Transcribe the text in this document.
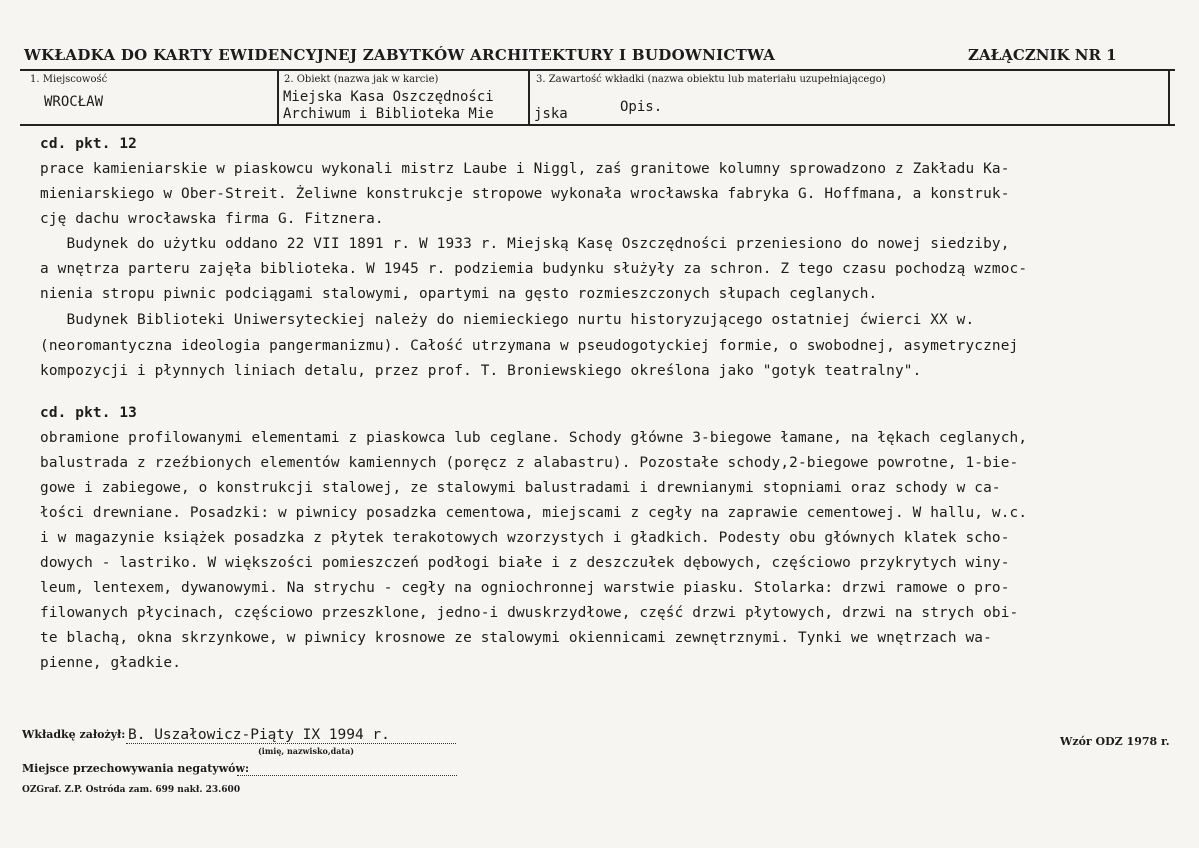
WKŁADKA DO KARTY EWIDENCYJNEJ ZABYTKÓW ARCHITEKTURY I BUDOWNICTWA	ZAŁĄCZNIK NR 1
1. Miejscowość
WROCŁAW
2. Obiekt (nazwa jak w karcie)
Miejska Kasa Oszczędności
Archiwum i Biblioteka Mie	jska
3. Zawartość wkładki (nazwa obiektu lub materiału uzupełniającego)
Opis.
cd. pkt. 12
prace kamieniarskie w piaskowcu wykonali mistrz Laube i Niggl, zaś granitowe kolumny sprowadzono z Zakładu Ka-
mieniarskiego w Ober-Streit. Żeliwne konstrukcje stropowe wykonała wrocławska fabryka G. Hoffmana, a konstruk-
cję dachu wrocławska firma G. Fitznera.
Budynek do użytku oddano 22 VII 1891 r. W 1933 r. Miejską Kasę Oszczędności przeniesiono do nowej siedziby,
a wnętrza parteru zajęła biblioteka. W 1945 r. podziemia budynku służyły za schron. Z tego czasu pochodzą wzmoc-
nienia stropu piwnic podciągami stalowymi, opartymi na gęsto rozmieszczonych słupach ceglanych.
Budynek Biblioteki Uniwersyteckiej należy do niemieckiego nurtu historyzującego ostatniej ćwierci XX w.
(neoromantyczna ideologia pangermanizmu). Całość utrzymana w pseudogotyckiej formie, o swobodnej, asymetrycznej
kompozycji i płynnych liniach detalu, przez prof. T. Broniewskiego określona jako "gotyk teatralny".
cd. pkt. 13
obramione profilowanymi elementami z piaskowca lub ceglane. Schody główne 3-biegowe łamane, na łękach ceglanych,
balustrada z rzeźbionych elementów kamiennych (poręcz z alabastru). Pozostałe schody,2-biegowe powrotne, 1-bie-
gowe i zabiegowe, o konstrukcji stalowej, ze stalowymi balustradami i drewnianymi stopniami oraz schody w ca-
łości drewniane. Posadzki: w piwnicy posadzka cementowa, miejscami z cegły na zaprawie cementowej. W hallu, w.c.
i w magazynie książek posadzka z płytek terakotowych wzorzystych i gładkich. Podesty obu głównych klatek scho-
dowych - lastriko. W większości pomieszczeń podłogi białe i z deszczułek dębowych, częściowo przykrytych winy-
leum, lentexem, dywanowymi. Na strychu - cegły na ogniochronnej warstwie piasku. Stolarka: drzwi ramowe o pro-
filowanych płycinach, częściowo przeszklone, jedno-i dwuskrzydłowe, część drzwi płytowych, drzwi na strych obi-
te blachą, okna skrzynkowe, w piwnicy krosnowe ze stalowymi okiennicami zewnętrznymi. Tynki we wnętrzach wa-
pienne, gładkie.
Wkładkę założył: B. Uszałowicz-Piąty IX 1994 r.
(imię, nazwisko,data)
Miejsce przechowywania negatywów:
Wzór ODZ 1978 r.
OZGraf. Z.P. Ostróda zam. 699 nakł. 23.600
